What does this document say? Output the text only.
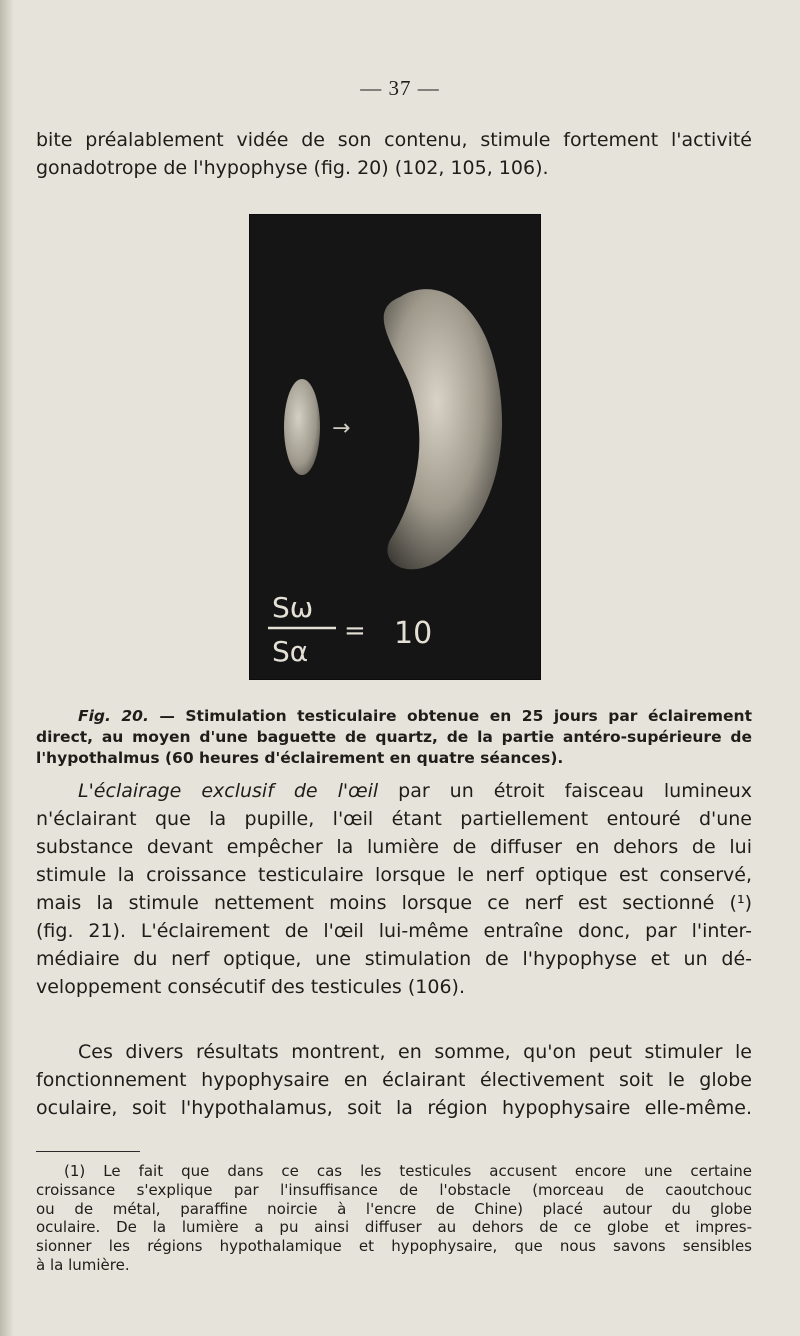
— 37 —
bite préalablement vidée de son contenu, stimule fortement l'activité
gonadotrope de l'hypophyse (fig. 20) (102, 105, 106).
→
Sω
Sα
= 10
Fig. 20. — Stimulation testiculaire obtenue en 25 jours par éclairement
direct, au moyen d'une baguette de quartz, de la partie antéro-supérieure de
l'hypothalmus (60 heures d'éclairement en quatre séances).
L'éclairage exclusif de l'œil par un étroit faisceau lumineux
n'éclairant que la pupille, l'œil étant partiellement entouré d'une
substance devant empêcher la lumière de diffuser en dehors de lui
stimule la croissance testiculaire lorsque le nerf optique est conservé,
mais la stimule nettement moins lorsque ce nerf est sectionné (¹)
(fig. 21). L'éclairement de l'œil lui-même entraîne donc, par l'inter-
médiaire du nerf optique, une stimulation de l'hypophyse et un dé-
veloppement consécutif des testicules (106).
Ces divers résultats montrent, en somme, qu'on peut stimuler le
fonctionnement hypophysaire en éclairant électivement soit le globe
oculaire, soit l'hypothalamus, soit la région hypophysaire elle-même.
(1) Le fait que dans ce cas les testicules accusent encore une certaine
croissance s'explique par l'insuffisance de l'obstacle (morceau de caoutchouc
ou de métal, paraffine noircie à l'encre de Chine) placé autour du globe
oculaire. De la lumière a pu ainsi diffuser au dehors de ce globe et impres-
sionner les régions hypothalamique et hypophysaire, que nous savons sensibles
à la lumière.
